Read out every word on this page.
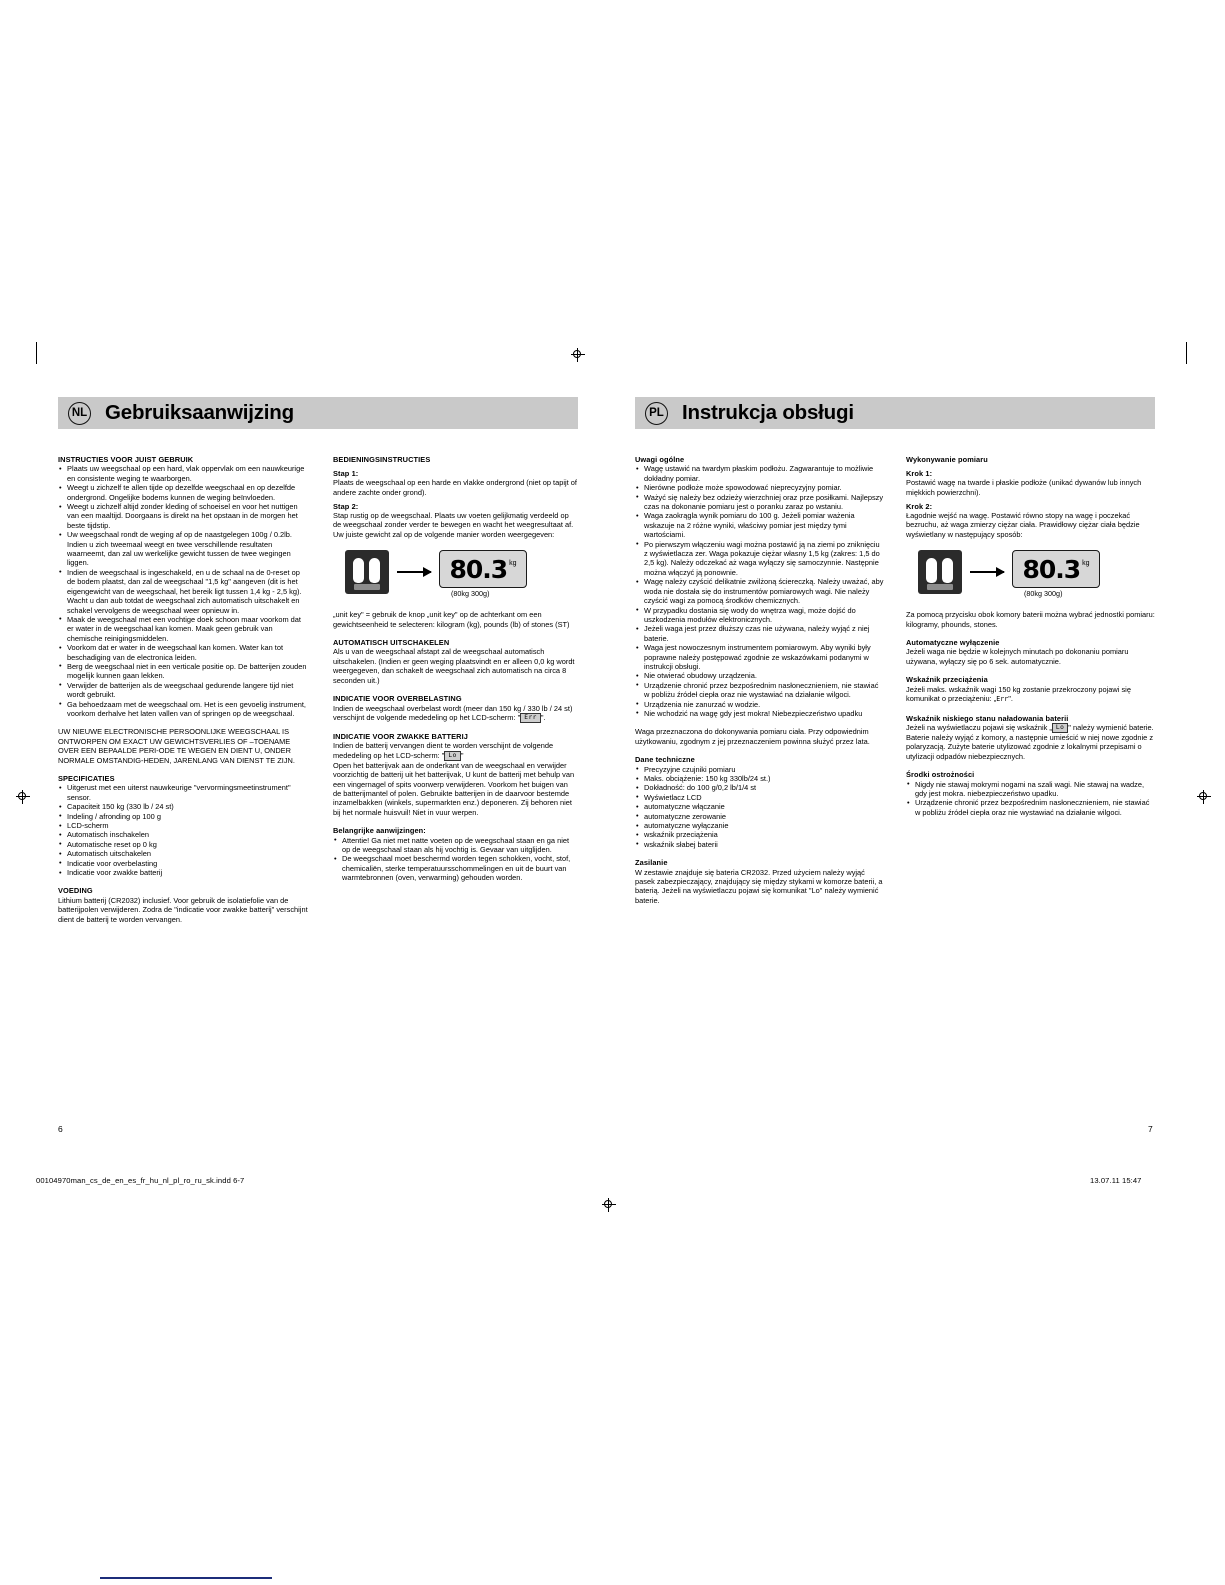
NL Gebruiksaanwijzing	PL Instrukcja obsługi
INSTRUCTIES VOOR JUIST GEBRUIK
• Plaats uw weegschaal op een hard, vlak oppervlak om een nauwkeurige en consistente weging te waarborgen.
• Weegt u zichzelf te allen tijde op dezelfde weegschaal en op dezelfde ondergrond. Ongelijke bodems kunnen de weging beïnvloeden.
• Weegt u zichzelf altijd zonder kleding of schoeisel en voor het nuttigen van een maaltijd. Doorgaans is direkt na het opstaan in de morgen het beste tijdstip.
• Uw weegschaal rondt de weging af op de naastgelegen 100g / 0.2lb. Indien u zich tweemaal weegt en twee verschillende resultaten waarneemt, dan zal uw werkelijke gewicht tussen de twee wegingen liggen.
• Indien de weegschaal is ingeschakeld, en u de schaal na de 0-reset op de bodem plaatst, dan zal de weegschaal "1,5 kg" aangeven (dit is het eigengewicht van de weegschaal, het bereik ligt tussen 1,4 kg - 2,5 kg). Wacht u dan aub totdat de weegschaal zich automatisch uitschakelt en schakel vervolgens de weegschaal weer opnieuw in.
• Maak de weegschaal met een vochtige doek schoon maar voorkom dat er water in de weegschaal kan komen. Maak geen gebruik van chemische reinigingsmiddelen.
• Voorkom dat er water in de weegschaal kan komen. Water kan tot beschadiging van de electronica leiden.
• Berg de weegschaal niet in een verticale positie op. De batterijen zouden mogelijk kunnen gaan lekken.
• Verwijder de batterijen als de weegschaal gedurende langere tijd niet wordt gebruikt.
• Ga behoedzaam met de weegschaal om. Het is een gevoelig instrument, voorkom derhalve het laten vallen van of springen op de weegschaal.

UW NIEUWE ELECTRONISCHE PERSOONLIJKE WEEGSCHAAL IS ONTWORPEN OM EXACT UW GEWICHTSVERLIES OF –TOENAME OVER EEN BEPAALDE PERI-ODE TE WEGEN EN DIENT U, ONDER NORMALE OMSTANDIG-HEDEN, JARENLANG VAN DIENST TE ZIJN.

SPECIFICATIES
• Uitgerust met een uiterst nauwkeurige "vervormingsmeetinstrument" sensor.
• Capaciteit 150 kg (330 lb / 24 st)
• Indeling / afronding op 100 g
• LCD-scherm
• Automatisch inschakelen
• Automatische reset op 0 kg
• Automatisch uitschakelen
• Indicatie voor overbelasting
• Indicatie voor zwakke batterij
VOEDING

Lithium batterij (CR2032) inclusief. Voor gebruik de isolatiefolie van de batterijpolen verwijderen. Zodra de "indicatie voor zwakke batterij" verschijnt dient de batterij te worden vervangen.

BEDIENINGSINSTRUCTIES
Stap 1:

Plaats de weegschaal op een harde en vlakke ondergrond (niet op tapijt of andere zachte onder grond).

Stap 2:

Stap rustig op de weegschaal. Plaats uw voeten gelijkmatig verdeeld op de weegschaal zonder verder te bewegen en wacht het weegresultaat af. Uw juiste gewicht zal op de volgende manier worden weergegeven:

80.3 kg
(80kg 300g)

„unit key" = gebruik de knop „unit key" op de achterkant om een gewichtseenheid te selecteren: kilogram (kg), pounds (lb) of stones (ST)

AUTOMATISCH UITSCHAKELEN

Als u van de weegschaal afstapt zal de weegschaal automatisch uitschakelen. (Indien er geen weging plaatsvindt en er alleen 0,0 kg wordt weergegeven, dan schakelt de weegschaal zich automatisch na circa 8 seconden uit.)

INDICATIE VOOR OVERBELASTING

Indien de weegschaal overbelast wordt (meer dan 150 kg / 330 lb / 24 st) verschijnt de volgende mededeling op het LCD-scherm: " Err ".

INDICATIE VOOR ZWAKKE BATTERIJ

Indien de batterij vervangen dient te worden verschijnt de volgende mededeling op het LCD-scherm: " Lo "

Open het batterijvak aan de onderkant van de weegschaal en verwijder voorzichtig de batterij uit het batterijvak, U kunt de batterij met behulp van een vingernagel of spits voorwerp verwijderen. Voorkom het buigen van de batterijmantel of polen. Gebruikte batterijen in de daarvoor bestemde inzamelbakken (winkels, supermarkten enz.) deponeren. Zij behoren niet bij het normale huisvuil! Niet in vuur werpen.

Belangrijke aanwijzingen:
• Attentie! Ga niet met natte voeten op de weegschaal staan en ga niet op de weegschaal staan als hij vochtig is. Gevaar van uitglijden.
• De weegschaal moet beschermd worden tegen schokken, vocht, stof, chemicaliën, sterke temperatuursschommelingen en uit de buurt van warmtebronnen (oven, verwarming) gehouden worden.
Uwagi ogólne
• Wagę ustawić na twardym płaskim podłożu. Zagwarantuje to możliwie dokładny pomiar.
• Nierówne podłoże może spowodować nieprecyzyjny pomiar.
• Ważyć się należy bez odzieży wierzchniej oraz prze posiłkami. Najlepszy czas na dokonanie pomiaru jest o poranku zaraz po wstaniu.
• Waga zaokrągla wynik pomiaru do 100 g. Jeżeli pomiar ważenia wskazuje na 2 różne wyniki, właściwy pomiar jest między tymi wartościami.
• Po pierwszym włączeniu wagi można postawić ją na ziemi po zniknięciu z wyświetlacza zer. Waga pokazuje ciężar własny 1,5 kg (zakres: 1,5 do 2,5 kg). Należy odczekać aż waga wyłączy się samoczynnie. Następnie można włączyć ją ponownie.
• Wagę należy czyścić delikatnie zwilżoną ściereczką. Należy uważać, aby woda nie dostała się do instrumentów pomiarowych wagi. Nie należy czyścić wagi za pomocą środków chemicznych.
• W przypadku dostania się wody do wnętrza wagi, może dojść do uszkodzenia modułów elektronicznych.
• Jeżeli waga jest przez dłuższy czas nie używana, należy wyjąć z niej baterie.
• Waga jest nowoczesnym instrumentem pomiarowym. Aby wyniki były poprawne należy postępować zgodnie ze wskazówkami podanymi w instrukcji obsługi.
• Nie otwierać obudowy urządzenia.
• Urządzenie chronić przez bezpośrednim nasłonecznieniem, nie stawiać w pobliżu źródeł ciepła oraz nie wystawiać na działanie wilgoci.
• Urządzenia nie zanurzać w wodzie.
• Nie wchodzić na wagę gdy jest mokra! Niebezpieczeństwo upadku

Waga przeznaczona do dokonywania pomiaru ciała. Przy odpowiednim użytkowaniu, zgodnym z jej przeznaczeniem powinna służyć przez lata.

Dane techniczne
• Precyzyjne czujniki pomiaru
• Maks. obciążenie: 150 kg 330lb/24 st.)
• Dokładność: do 100 g/0,2 lb/1/4 st
• Wyświetlacz LCD
• automatyczne włączanie
• automatyczne zerowanie
• automatyczne wyłączanie
• wskaźnik przeciążenia
• wskaźnik słabej baterii
Zasilanie

W zestawie znajduje się bateria CR2032. Przed użyciem należy wyjąć pasek zabezpieczający, znajdujący się między stykami w komorze baterii, a baterią. Jeżeli na wyświetlaczu pojawi się komunikat "Lo" należy wymienić baterie.

Wykonywanie pomiaru
Krok 1:

Postawić wagę na twarde i płaskie podłoże (unikać dywanów lub innych miękkich powierzchni).

Krok 2:

Łagodnie wejść na wagę. Postawić równo stopy na wagę i poczekać bezruchu, aż waga zmierzy ciężar ciała. Prawidłowy ciężar ciała będzie wyświetlany w następujący sposób:

80.3 kg
(80kg 300g)

Za pomocą przycisku obok komory baterii można wybrać jednostki pomiaru: kilogramy, phounds, stones.

Automatyczne wyłączenie

Jeżeli waga nie będzie w kolejnych minutach po dokonaniu pomiaru używana, wyłączy się po 6 sek. automatycznie.

Wskaźnik przeciążenia

Jeżeli maks. wskaźnik wagi 150 kg zostanie przekroczony pojawi się komunikat o przeciążeniu: „Err".

Wskaźnik niskiego stanu naładowania baterii

Jeżeli na wyświetlaczu pojawi się wskaźnik „ Lo " należy wymienić baterie. Baterie należy wyjąć z komory, a następnie umieścić w niej nowe zgodnie z polaryzacją. Zużyte baterie utylizować zgodnie z lokalnymi przepisami o utylizacji odpadów niebezpiecznych.

Środki ostrożności
• Nigdy nie stawaj mokrymi nogami na szali wagi. Nie stawaj na wadze, gdy jest mokra. niebezpieczeństwo upadku.
• Urządzenie chronić przez bezpośrednim nasłonecznieniem, nie stawiać w pobliżu źródeł ciepła oraz nie wystawiać na działanie wilgoci.
6	7
00104970man_cs_de_en_es_fr_hu_nl_pl_ro_ru_sk.indd 6-7	13.07.11 15:47
